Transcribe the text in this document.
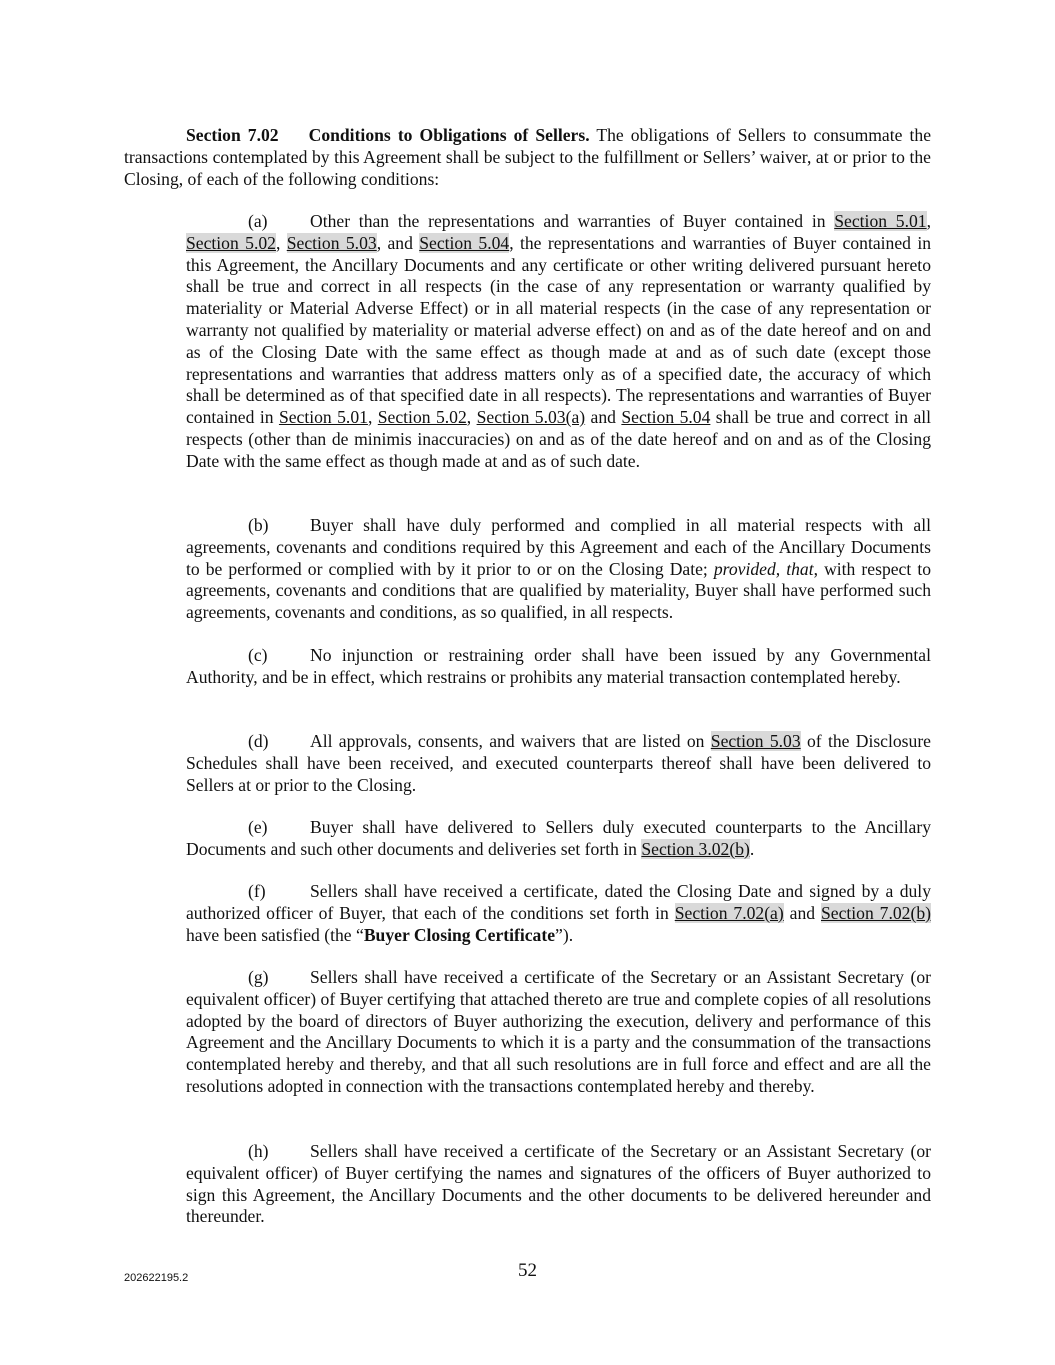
Section 7.02 Conditions to Obligations of Sellers. The obligations of Sellers to consummate the transactions contemplated by this Agreement shall be subject to the fulfillment or Sellers’ waiver, at or prior to the Closing, of each of the following conditions:

(a) Other than the representations and warranties of Buyer contained in Section 5.01, Section 5.02, Section 5.03, and Section 5.04, the representations and warranties of Buyer contained in this Agreement, the Ancillary Documents and any certificate or other writing delivered pursuant hereto shall be true and correct in all respects (in the case of any representation or warranty qualified by materiality or Material Adverse Effect) or in all material respects (in the case of any representation or warranty not qualified by materiality or material adverse effect) on and as of the date hereof and on and as of the Closing Date with the same effect as though made at and as of such date (except those representations and warranties that address matters only as of a specified date, the accuracy of which shall be determined as of that specified date in all respects). The representations and warranties of Buyer contained in Section 5.01, Section 5.02, Section 5.03(a) and Section 5.04 shall be true and correct in all respects (other than de minimis inaccuracies) on and as of the date hereof and on and as of the Closing Date with the same effect as though made at and as of such date.

(b) Buyer shall have duly performed and complied in all material respects with all agreements, covenants and conditions required by this Agreement and each of the Ancillary Documents to be performed or complied with by it prior to or on the Closing Date; provided, that, with respect to agreements, covenants and conditions that are qualified by materiality, Buyer shall have performed such agreements, covenants and conditions, as so qualified, in all respects.

(c) No injunction or restraining order shall have been issued by any Governmental Authority, and be in effect, which restrains or prohibits any material transaction contemplated hereby.

(d) All approvals, consents, and waivers that are listed on Section 5.03 of the Disclosure Schedules shall have been received, and executed counterparts thereof shall have been delivered to Sellers at or prior to the Closing.

(e) Buyer shall have delivered to Sellers duly executed counterparts to the Ancillary Documents and such other documents and deliveries set forth in Section 3.02(b).

(f)	Sellers shall have received a certificate, dated the Closing Date and signed by a duly authorized officer of Buyer, that each of the conditions set forth in Section 7.02(a) and Section 7.02(b) have been satisfied (the “Buyer Closing Certificate”).

(g) Sellers shall have received a certificate of the Secretary or an Assistant Secretary (or equivalent officer) of Buyer certifying that attached thereto are true and complete copies of all resolutions adopted by the board of directors of Buyer authorizing the execution, delivery and performance of this Agreement and the Ancillary Documents to which it is a party and the consummation of the transactions contemplated hereby and thereby, and that all such resolutions are in full force and effect and are all the resolutions adopted in connection with the transactions contemplated hereby and thereby.

(h) Sellers shall have received a certificate of the Secretary or an Assistant Secretary (or equivalent officer) of Buyer certifying the names and signatures of the officers of Buyer authorized to sign this Agreement, the Ancillary Documents and the other documents to be delivered hereunder and thereunder.

202622195.2	52
